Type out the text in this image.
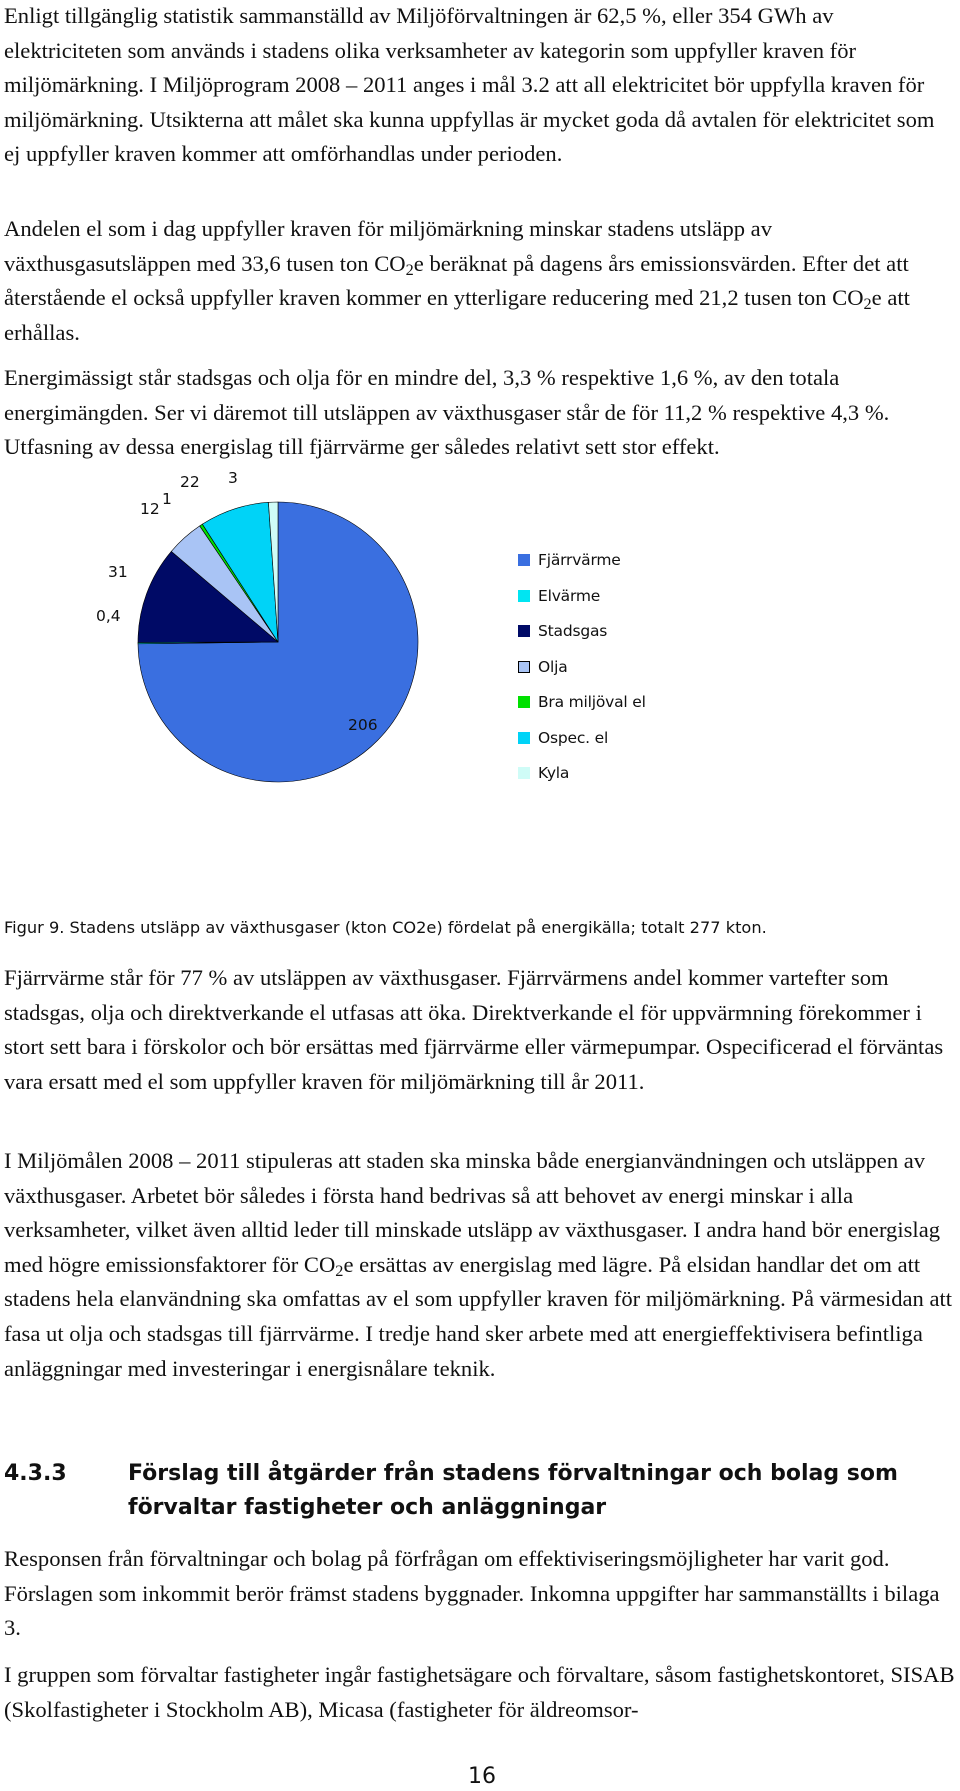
Enligt tillgänglig statistik sammanställd av Miljöförvaltningen är 62,5 %, eller 354 GWh av elektriciteten som används i stadens olika verksamheter av kategorin som uppfyller kraven för miljömärkning. I Miljöprogram 2008 – 2011 anges i mål 3.2 att all elektricitet bör uppfylla kraven för miljömärkning. Utsikterna att målet ska kunna uppfyllas är mycket goda då avtalen för elektricitet som ej uppfyller kraven kommer att omförhandlas under perioden.

Andelen el som i dag uppfyller kraven för miljömärkning minskar stadens utsläpp av växthusgasutsläppen med 33,6 tusen ton $CO_2e$ beräknat på dagens års emissionsvärden. Efter det att återstående el också uppfyller kraven kommer en ytterligare reducering med 21,2 tusen ton $CO_2e$ att erhållas.

Energimässigt står stadsgas och olja för en mindre del, 3,3 % respektive 1,6 %, av den totala energimängden. Ser vi däremot till utsläppen av växthusgaser står de för 11,2 % respektive 4,3 %. Utfasning av dessa energislag till fjärrvärme ger således relativt sett stor effekt.

206
0,4
31
12
1
22 3
Fjärrvärme
Elvärme
Stadsgas
Olja
Bra miljöval el
Ospec. el
Kyla
Figur 9. Stadens utsläpp av växthusgaser (kton CO2e) fördelat på energikälla; totalt 277 kton.

Fjärrvärme står för 77 % av utsläppen av växthusgaser. Fjärrvärmens andel kommer vartefter som stadsgas, olja och direktverkande el utfasas att öka. Direktverkande el för uppvärmning förekommer i stort sett bara i förskolor och bör ersättas med fjärrvärme eller värmepumpar. Ospecificerad el förväntas vara ersatt med el som uppfyller kraven för miljömärkning till år 2011.

I Miljömålen 2008 – 2011 stipuleras att staden ska minska både energianvändningen och utsläppen av växthusgaser. Arbetet bör således i första hand bedrivas så att behovet av energi minskar i alla verksamheter, vilket även alltid leder till minskade utsläpp av växthusgaser. I andra hand bör energislag med högre emissionsfaktorer för $CO_2e$ ersättas av energislag med lägre. På elsidan handlar det om att stadens hela elanvändning ska omfattas av el som uppfyller kraven för miljömärkning. På värmesidan att fasa ut olja och stadsgas till fjärrvärme. I tredje hand sker arbete med att energieffektivisera befintliga anläggningar med investeringar i energisnålare teknik.

4.3.3	Förslag till åtgärder från stadens förvaltningar och bolag som förvaltar fastigheter och anläggningar

Responsen från förvaltningar och bolag på förfrågan om effektiviseringsmöjligheter har varit god. Förslagen som inkommit berör främst stadens byggnader. Inkomna uppgifter har sammanställts i bilaga 3.

I gruppen som förvaltar fastigheter ingår fastighetsägare och förvaltare, såsom fastighetskontoret, SISAB (Skolfastigheter i Stockholm AB), Micasa (fastigheter för äldreomsor-

16
